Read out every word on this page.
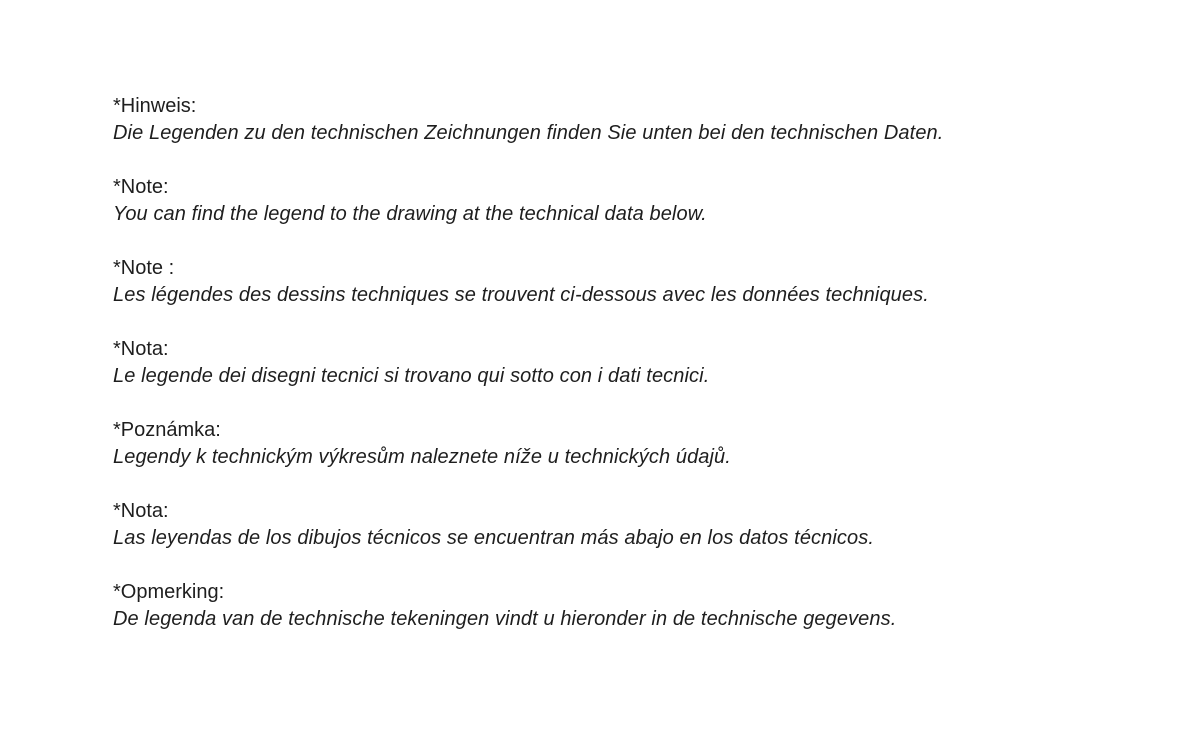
*Hinweis:
Die Legenden zu den technischen Zeichnungen finden Sie unten bei den technischen Daten.
*Note:
You can find the legend to the drawing at the technical data below.
*Note :
Les légendes des dessins techniques se trouvent ci-dessous avec les données techniques.
*Nota:
Le legende dei disegni tecnici si trovano qui sotto con i dati tecnici.
*Poznámka:
Legendy k technickým výkresům naleznete níže u technických údajů.
*Nota:
Las leyendas de los dibujos técnicos se encuentran más abajo en los datos técnicos.
*Opmerking:
De legenda van de technische tekeningen vindt u hieronder in de technische gegevens.
